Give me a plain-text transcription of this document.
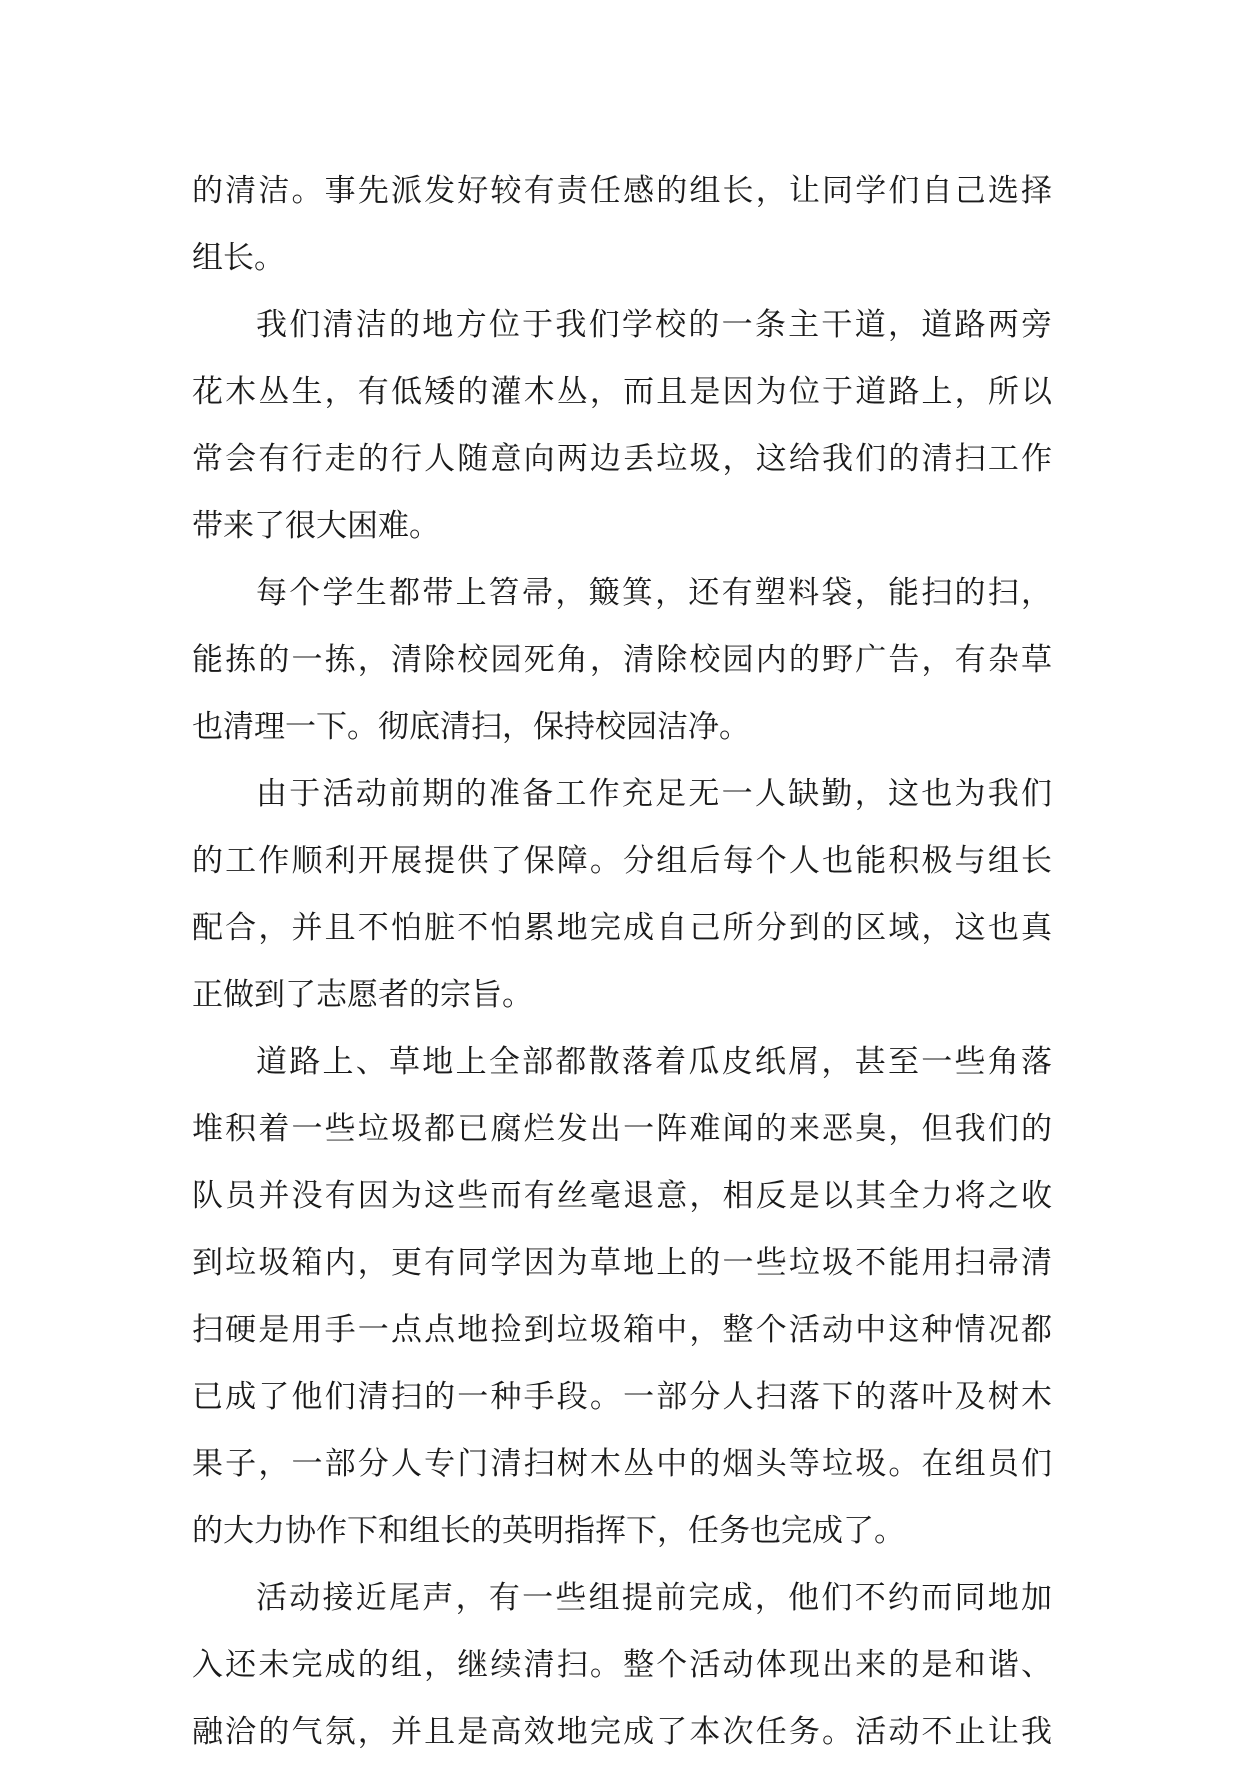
的清洁。事先派发好较有责任感的组长，让同学们自己选择
组长。
我们清洁的地方位于我们学校的一条主干道，道路两旁
花木丛生，有低矮的灌木丛，而且是因为位于道路上，所以
常会有行走的行人随意向两边丢垃圾，这给我们的清扫工作
带来了很大困难。
每个学生都带上笤帚，簸箕，还有塑料袋，能扫的扫，
能拣的一拣，清除校园死角，清除校园内的野广告，有杂草
也清理一下。彻底清扫，保持校园洁净。
由于活动前期的准备工作充足无一人缺勤，这也为我们
的工作顺利开展提供了保障。分组后每个人也能积极与组长
配合，并且不怕脏不怕累地完成自己所分到的区域，这也真
正做到了志愿者的宗旨。
道路上、草地上全部都散落着瓜皮纸屑，甚至一些角落
堆积着一些垃圾都已腐烂发出一阵难闻的来恶臭，但我们的
队员并没有因为这些而有丝毫退意，相反是以其全力将之收
到垃圾箱内，更有同学因为草地上的一些垃圾不能用扫帚清
扫硬是用手一点点地捡到垃圾箱中，整个活动中这种情况都
已成了他们清扫的一种手段。一部分人扫落下的落叶及树木
果子，一部分人专门清扫树木丛中的烟头等垃圾。在组员们
的大力协作下和组长的英明指挥下，任务也完成了。
活动接近尾声，有一些组提前完成，他们不约而同地加
入还未完成的组，继续清扫。整个活动体现出来的是和谐、
融洽的气氛，并且是高效地完成了本次任务。活动不止让我
